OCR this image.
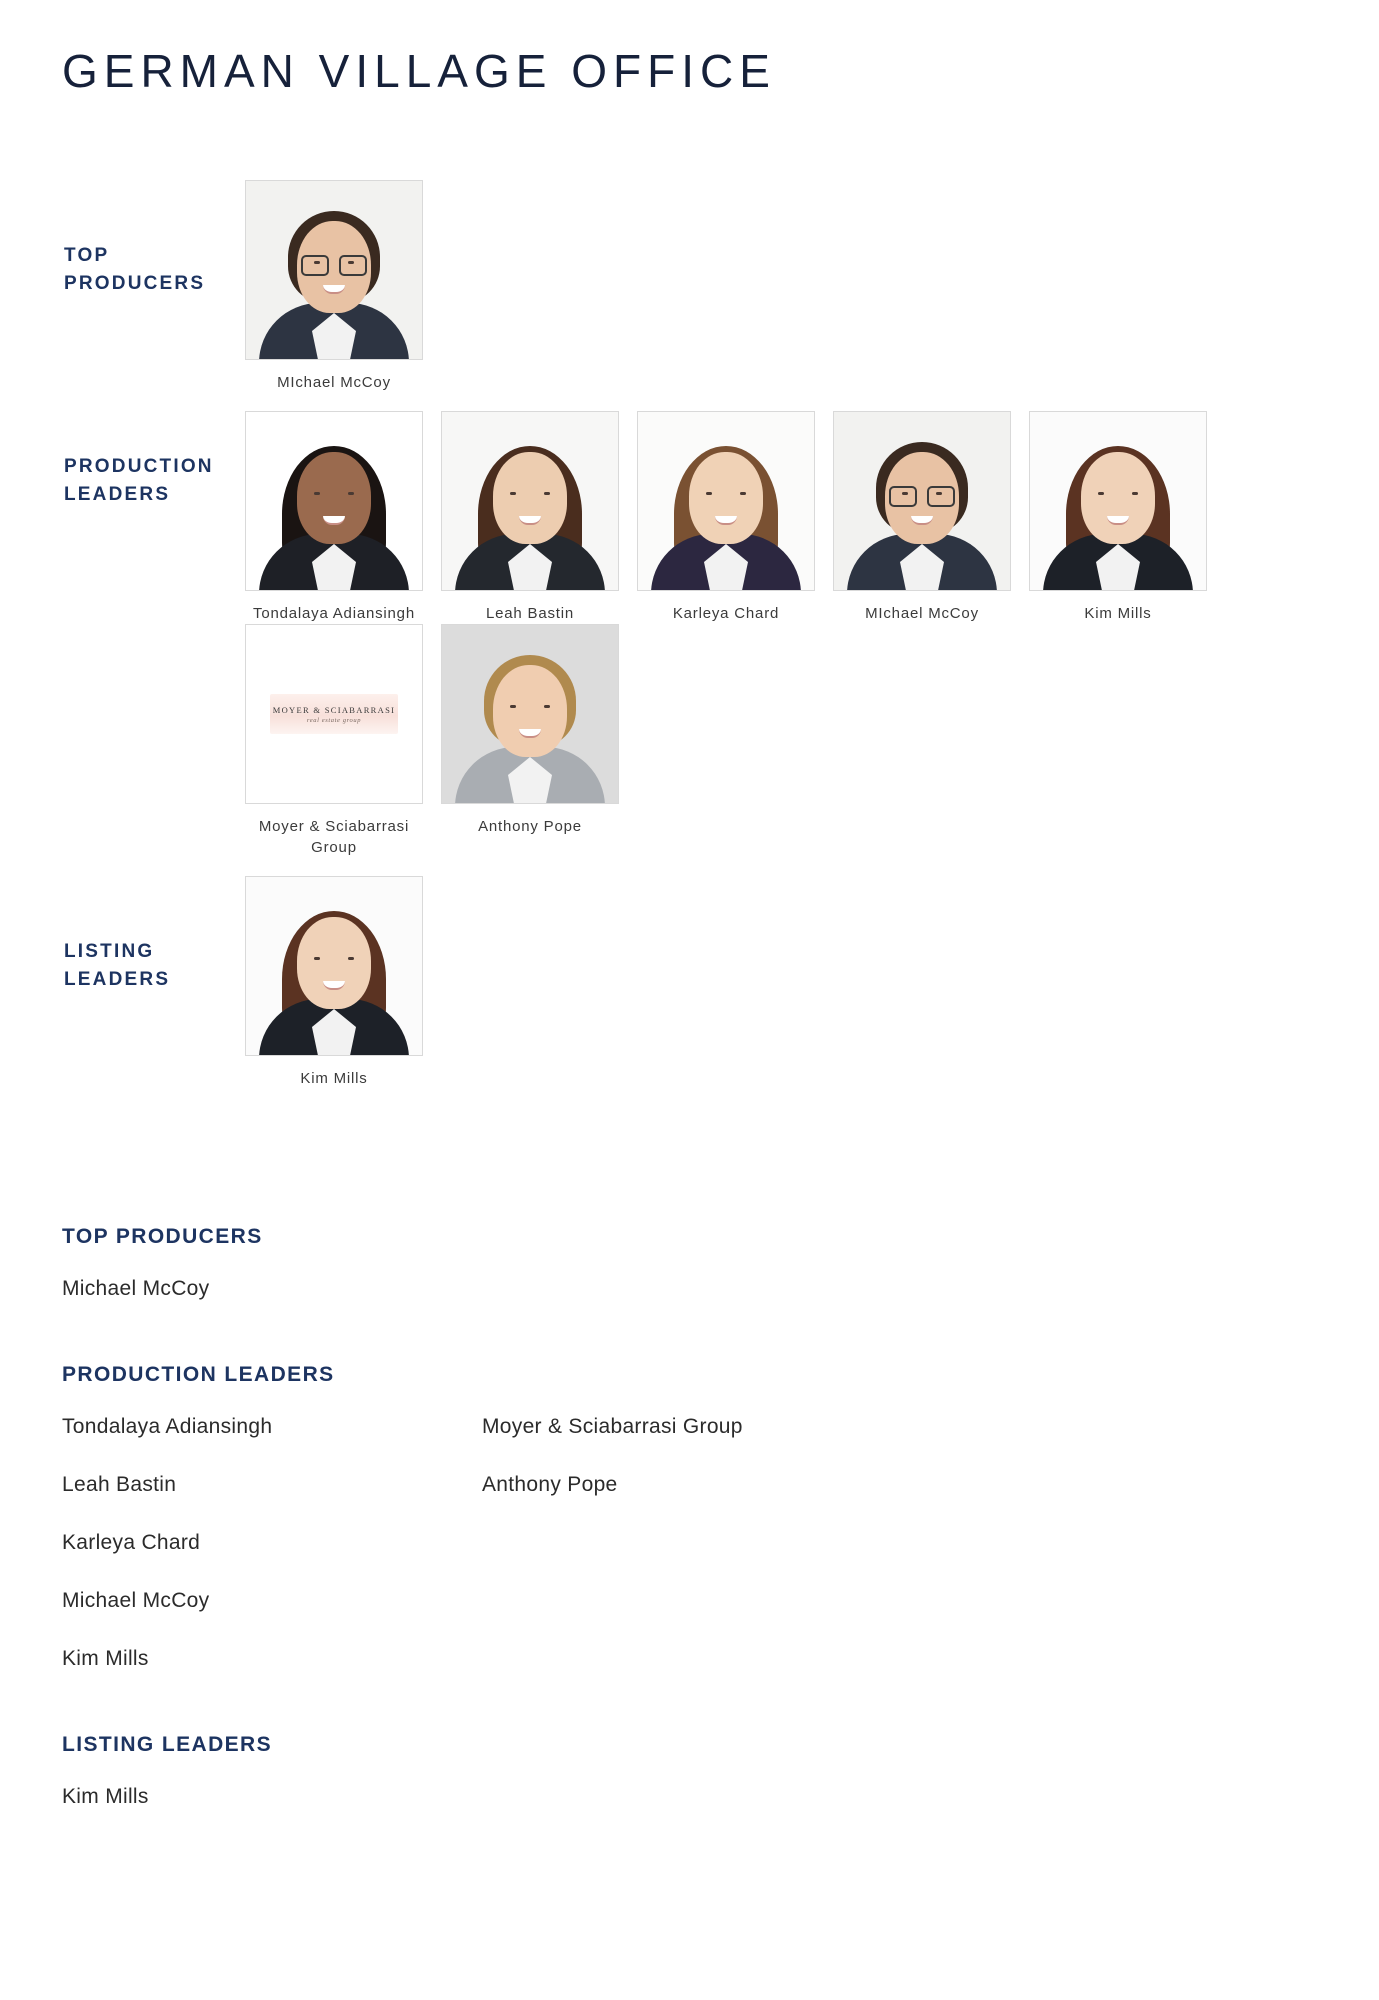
GERMAN VILLAGE OFFICE
TOP PRODUCERS
MIchael McCoy
PRODUCTION LEADERS
Tondalaya Adiansingh	Leah Bastin	Karleya Chard	MIchael McCoy	Kim Mills
MOYER & SCIABARRASI
real estate group
Moyer & Sciabarrasi Group
Anthony Pope
LISTING LEADERS
Kim Mills
TOP PRODUCERS
Michael McCoy
PRODUCTION LEADERS
Tondalaya Adiansingh
Leah Bastin
Karleya Chard
Michael McCoy
Kim Mills
Moyer & Sciabarrasi Group
Anthony Pope
LISTING LEADERS
Kim Mills
